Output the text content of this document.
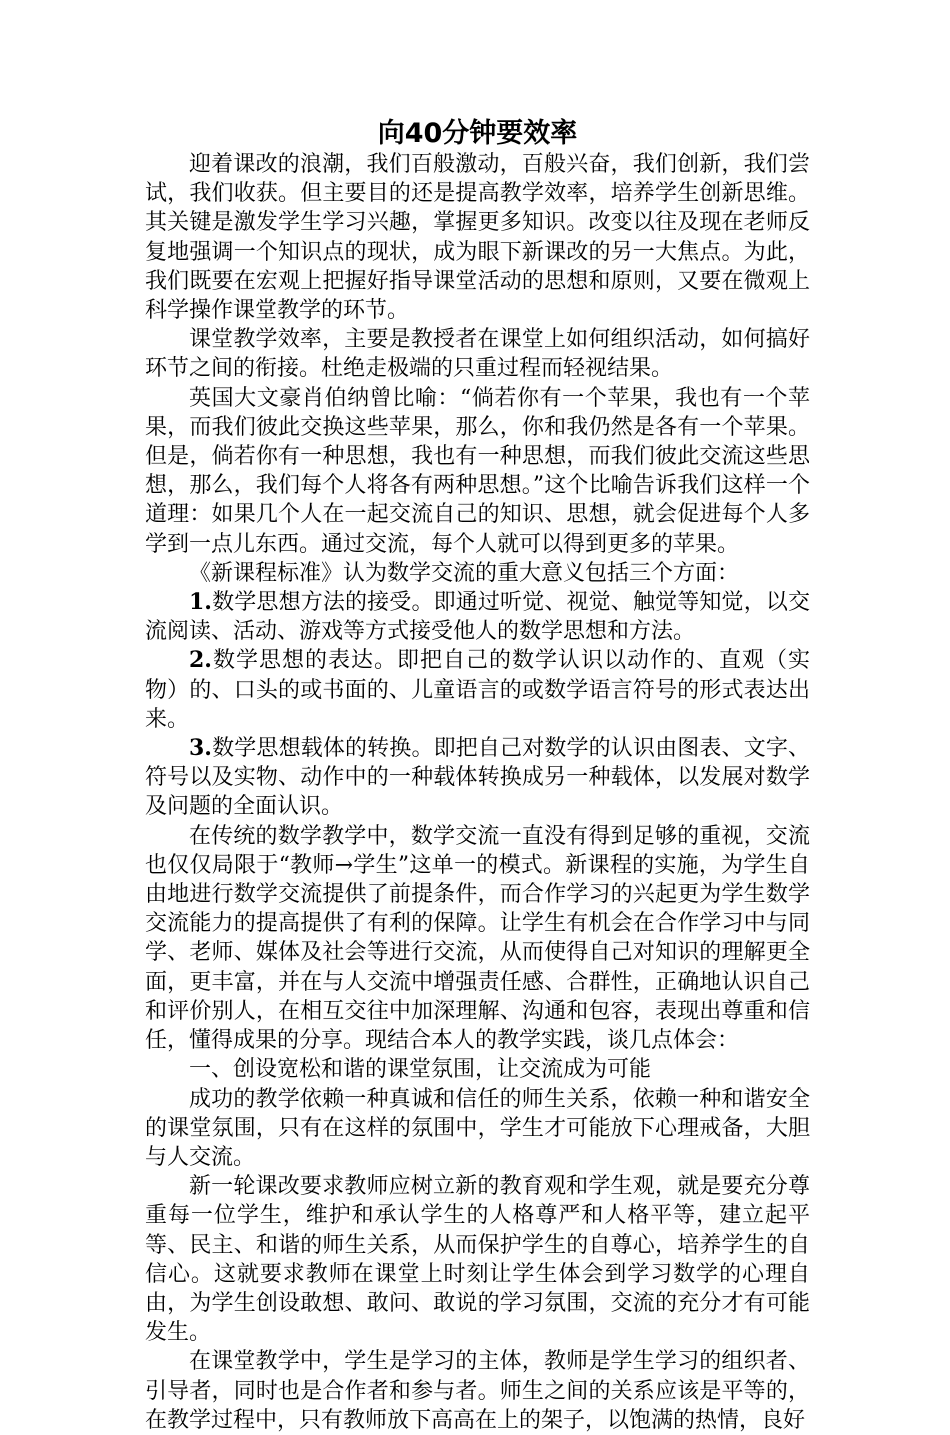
向40分钟要效率

迎着课改的浪潮，我们百般激动，百般兴奋，我们创新，我们尝试，我们收获。但主要目的还是提高教学效率，培养学生创新思维。其关键是激发学生学习兴趣，掌握更多知识。改变以往及现在老师反复地强调一个知识点的现状，成为眼下新课改的另一大焦点。为此，我们既要在宏观上把握好指导课堂活动的思想和原则，又要在微观上科学操作课堂教学的环节。

课堂教学效率，主要是教授者在课堂上如何组织活动，如何搞好环节之间的衔接。杜绝走极端的只重过程而轻视结果。

英国大文豪肖伯纳曾比喻：“倘若你有一个苹果，我也有一个苹果，而我们彼此交换这些苹果，那么，你和我仍然是各有一个苹果。但是，倘若你有一种思想，我也有一种思想，而我们彼此交流这些思想，那么，我们每个人将各有两种思想。”这个比喻告诉我们这样一个道理：如果几个人在一起交流自己的知识、思想，就会促进每个人多学到一点儿东西。通过交流，每个人就可以得到更多的苹果。

《新课程标准》认为数学交流的重大意义包括三个方面：

1.数学思想方法的接受。即通过听觉、视觉、触觉等知觉，以交流阅读、活动、游戏等方式接受他人的数学思想和方法。

2.数学思想的表达。即把自己的数学认识以动作的、直观（实物）的、口头的或书面的、儿童语言的或数学语言符号的形式表达出来。

3.数学思想载体的转换。即把自己对数学的认识由图表、文字、符号以及实物、动作中的一种载体转换成另一种载体，以发展对数学及问题的全面认识。

在传统的数学教学中，数学交流一直没有得到足够的重视，交流也仅仅局限于“教师→学生”这单一的模式。新课程的实施，为学生自由地进行数学交流提供了前提条件，而合作学习的兴起更为学生数学交流能力的提高提供了有利的保障。让学生有机会在合作学习中与同学、老师、媒体及社会等进行交流，从而使得自己对知识的理解更全面，更丰富，并在与人交流中增强责任感、合群性，正确地认识自己和评价别人，在相互交往中加深理解、沟通和包容，表现出尊重和信任，懂得成果的分享。现结合本人的教学实践，谈几点体会：

一、创设宽松和谐的课堂氛围，让交流成为可能

成功的教学依赖一种真诚和信任的师生关系，依赖一种和谐安全的课堂氛围，只有在这样的氛围中，学生才可能放下心理戒备，大胆与人交流。

新一轮课改要求教师应树立新的教育观和学生观，就是要充分尊重每一位学生，维护和承认学生的人格尊严和人格平等，建立起平等、民主、和谐的师生关系，从而保护学生的自尊心，培养学生的自信心。这就要求教师在课堂上时刻让学生体会到学习数学的心理自由，为学生创设敢想、敢问、敢说的学习氛围，交流的充分才有可能发生。

在课堂教学中，学生是学习的主体，教师是学生学习的组织者、引导者，同时也是合作者和参与者。师生之间的关系应该是平等的，在教学过程中，只有教师放下高高在上的架子，以饱满的热情，良好
